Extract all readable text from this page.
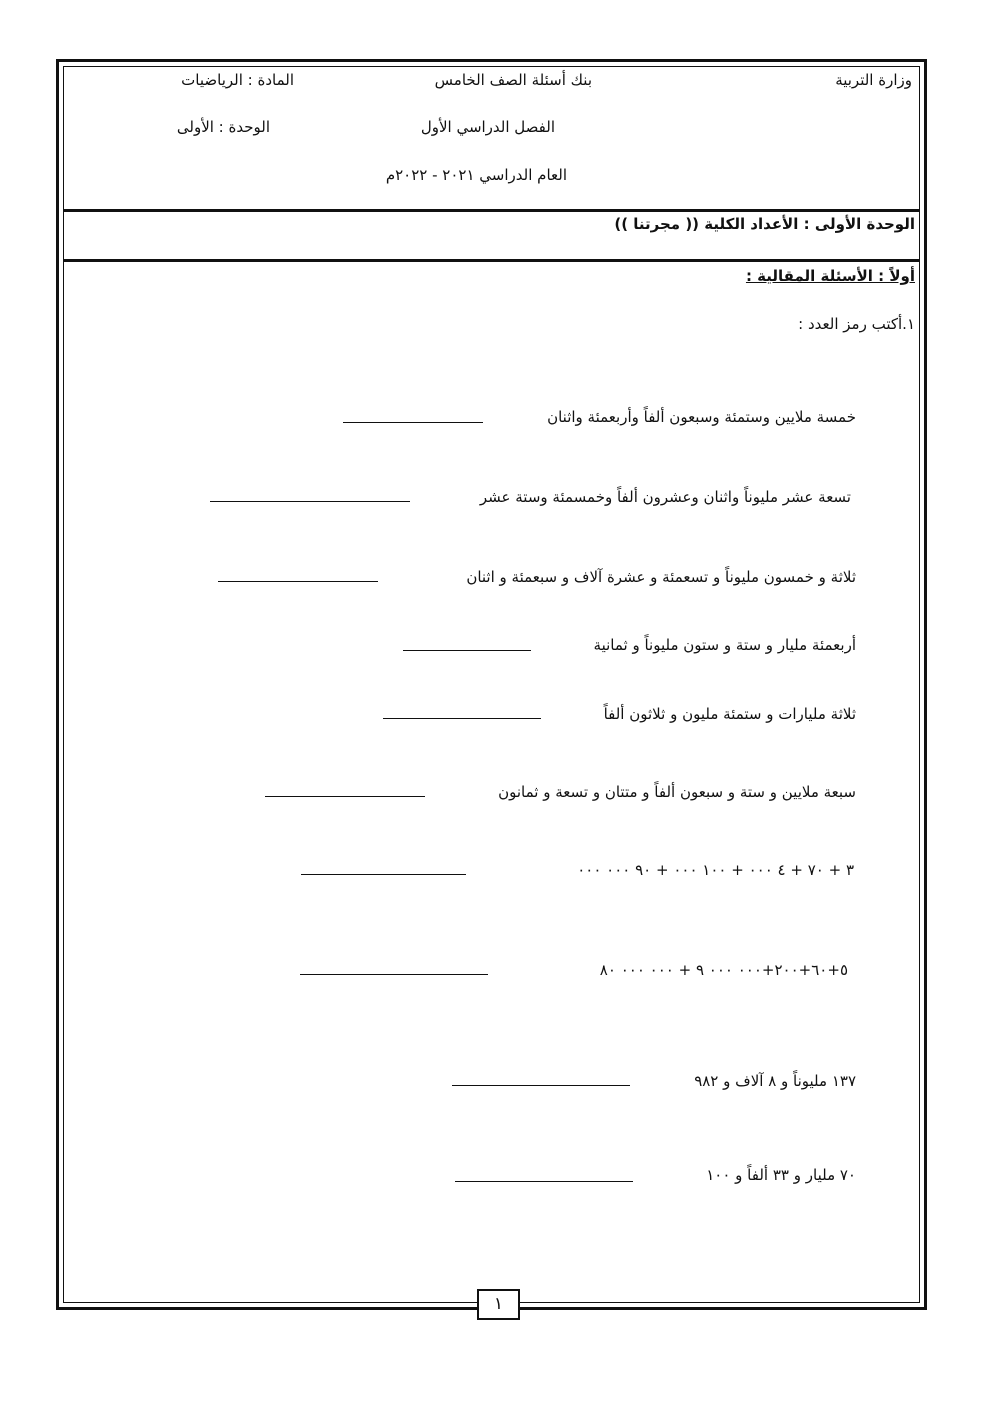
وزارة التربية
بنك أسئلة الصف الخامس
المادة : الرياضيات
الفصل الدراسي الأول
الوحدة : الأولى
العام الدراسي ٢٠٢١ - ٢٠٢٢م
الوحدة الأولى : الأعداد الكلية (( مجرتنا ))
أولاً : الأسئلة المقالية :
١.أكتب رمز العدد :
خمسة ملايين وستمئة وسبعون ألفاً وأربعمئة واثنان
تسعة عشر مليوناً واثنان وعشرون ألفاً وخمسمئة وستة عشر
ثلاثة و خمسون مليوناً و تسعمئة و عشرة آلاف و سبعمئة و اثنان
أربعمئة مليار و ستة و ستون مليوناً و ثمانية
ثلاثة مليارات و ستمئة مليون و ثلاثون ألفاً
سبعة ملايين و ستة و سبعون ألفاً و متتان و تسعة و ثمانون
٣ + ٧٠ + ٤ ٠٠٠ + ١٠٠ ٠٠٠ + ٩٠ ٠٠٠ ٠٠٠
٥+٦٠+٢٠٠+٠٠٠ ٠٠٠ ٩ + ٠٠٠ ٠٠٠ ٨٠
١٣٧ مليوناً و ٨ آلاف و ٩٨٢
٧٠ مليار و ٣٣ ألفاً و ١٠٠
١
